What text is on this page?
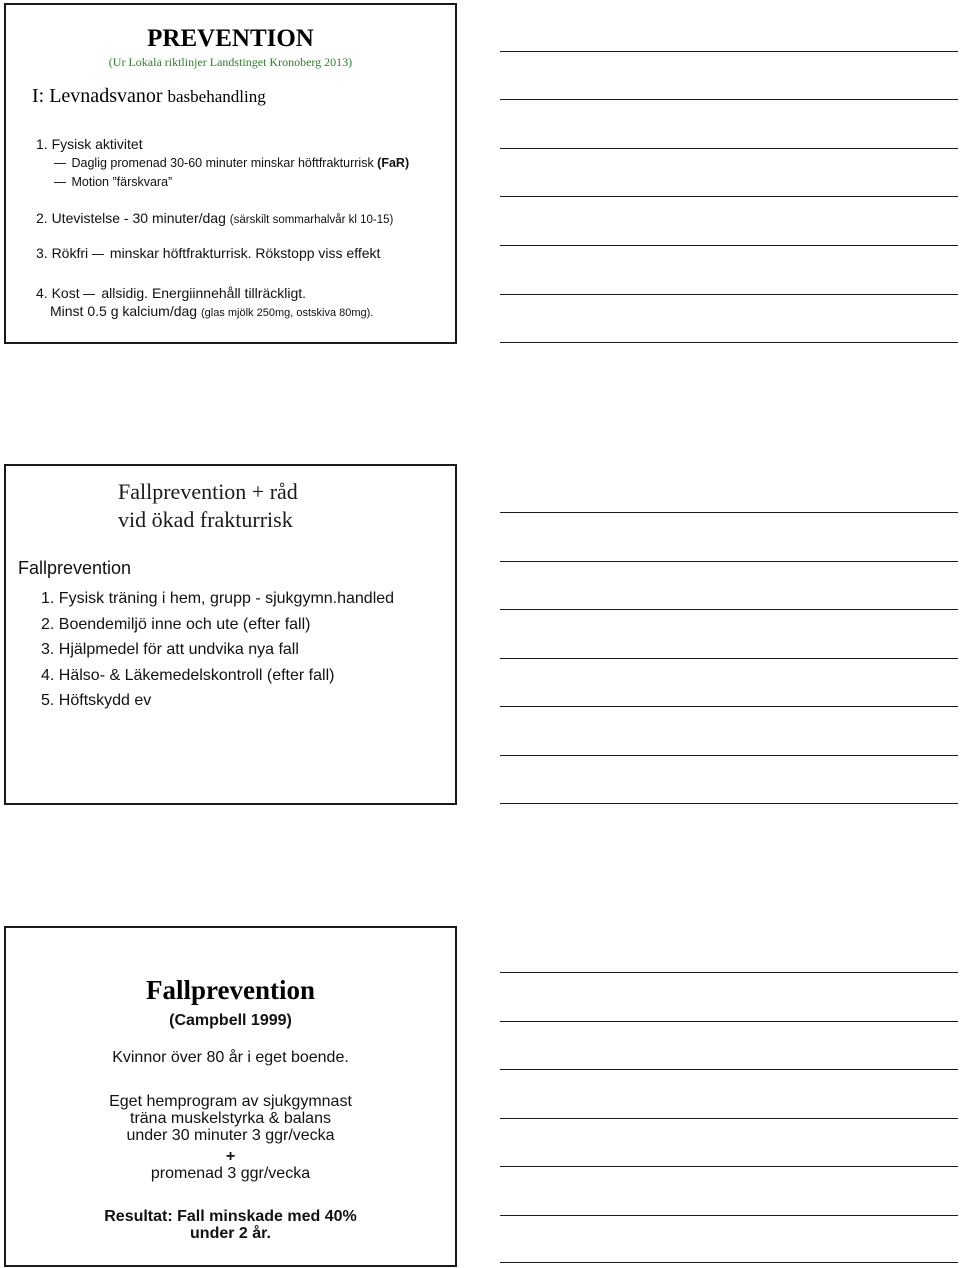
PREVENTION
(Ur Lokala riktlinjer Landstinget Kronoberg 2013)
I: Levnadsvanor basbehandling
1. Fysisk aktivitet
Daglig promenad 30-60 minuter minskar höftfrakturrisk (FaR)
Motion ”färskvara”
2. Utevistelse - 30 minuter/dag (särskilt sommarhalvår kl 10-15)
3. Rökfri  minskar höftfrakturrisk. Rökstopp viss effekt
4. Kost  allsidig. Energiinnehåll tillräckligt.
Minst 0.5 g kalcium/dag (glas mjölk 250mg, ostskiva 80mg).
Fallprevention + råd
vid ökad frakturrisk
Fallprevention
1. Fysisk träning i hem, grupp - sjukgymn.handled
2. Boendemiljö inne och ute (efter fall)
3. Hjälpmedel för att undvika nya fall
4. Hälso- & Läkemedelskontroll (efter fall)
5. Höftskydd ev
Fallprevention
(Campbell 1999)
Kvinnor över 80 år i eget boende.
Eget hemprogram av sjukgymnast
träna muskelstyrka & balans
under 30 minuter 3 ggr/vecka
+
promenad 3 ggr/vecka
Resultat: Fall minskade med 40%
under 2 år.
